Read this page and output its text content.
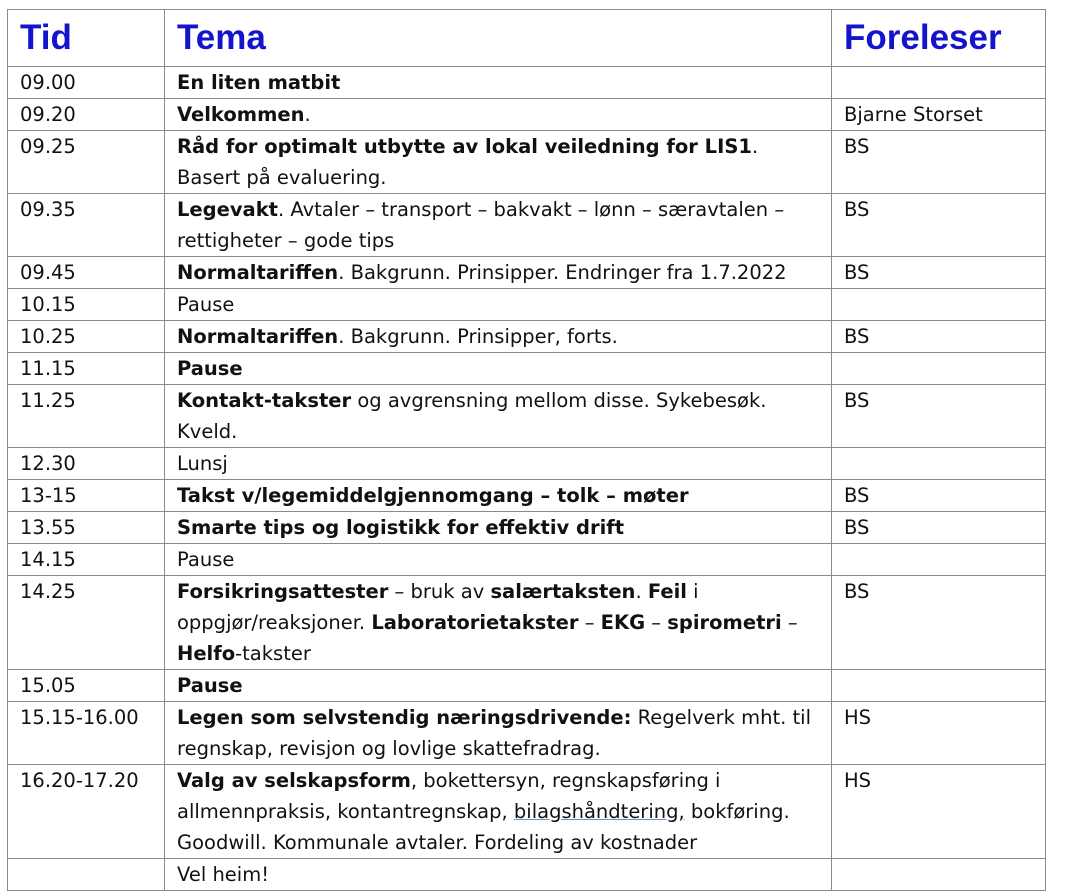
Tid	Tema	Foreleser
09.00	En liten matbit	
09.20	Velkommen.	Bjarne Storset
09.25	Råd for optimalt utbytte av lokal veiledning for LIS1. Basert på evaluering.	BS
09.35	Legevakt. Avtaler – transport – bakvakt – lønn – særavtalen – rettigheter – gode tips	BS
09.45	Normaltariffen. Bakgrunn. Prinsipper. Endringer fra 1.7.2022	BS
10.15	Pause	
10.25	Normaltariffen. Bakgrunn. Prinsipper, forts.	BS
11.15	Pause	
11.25	Kontakt-takster og avgrensning mellom disse. Sykebesøk. Kveld.	BS
12.30	Lunsj	
13-15	Takst v/legemiddelgjennomgang – tolk – møter	BS
13.55	Smarte tips og logistikk for effektiv drift	BS
14.15	Pause	
14.25	Forsikringsattester – bruk av salærtaksten. Feil i oppgjør/reaksjoner. Laboratorietakster – EKG – spirometri – Helfo-takster	BS
15.05	Pause	
15.15-16.00	Legen som selvstendig næringsdrivende: Regelverk mht. til regnskap, revisjon og lovlige skattefradrag.	HS
16.20-17.20	Valg av selskapsform, bokettersyn, regnskapsføring i allmennpraksis, kontantregnskap, bilagshåndtering, bokføring. Goodwill. Kommunale avtaler. Fordeling av kostnader	HS
	Vel heim!	
